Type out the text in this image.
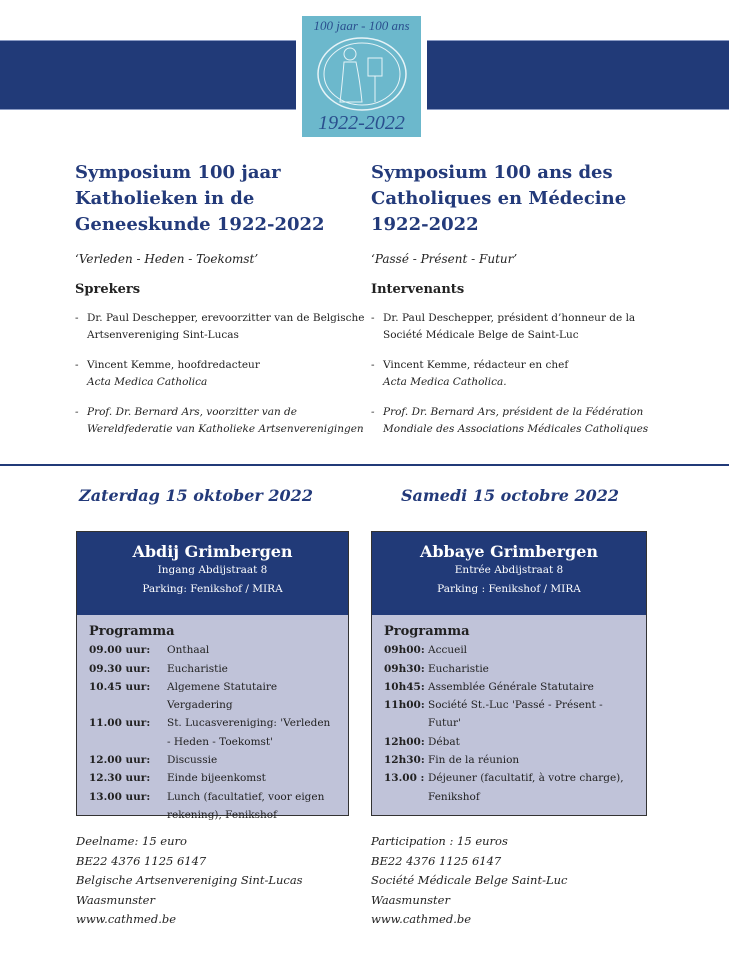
100 jaar - 100 ans
1922-2022
Symposium 100 jaar Katholieken in de Geneeskunde 1922-2022
‘Verleden - Heden - Toekomst’
Sprekers
- Dr. Paul Deschepper, erevoorzitter van de Belgische Artsenvereniging Sint-Lucas
- Vincent Kemme, hoofdredacteur
Acta Medica Catholica
- Prof. Dr. Bernard Ars, voorzitter van de Wereldfederatie van Katholieke Artsenverenigingen
Symposium 100 ans des Catholiques en Médecine 1922-2022
‘Passé - Présent - Futur’
Intervenants
- Dr. Paul Deschepper, président d’honneur de la Société Médicale Belge de Saint-Luc
- Vincent Kemme, rédacteur en chef
Acta Medica Catholica.
- Prof. Dr. Bernard Ars, président de la Fédération Mondiale des Associations Médicales Catholiques
Zaterdag 15 oktober 2022	Samedi 15 octobre 2022
Abdij Grimbergen
Ingang Abdijstraat 8
Parking: Fenikshof / MIRA
Programma
09.00 uur:	Onthaal
09.30 uur:	Eucharistie
10.45 uur:	Algemene Statutaire Vergadering
11.00 uur:	St. Lucasvereniging: 'Verleden - Heden - Toekomst'
12.00 uur:	Discussie
12.30 uur:	Einde bijeenkomst
13.00 uur:	Lunch (facultatief, voor eigen rekening), Fenikshof
Abbaye Grimbergen
Entrée Abdijstraat 8
Parking : Fenikshof / MIRA
Programma
09h00: Accueil
09h30: Eucharistie
10h45: Assemblée Générale Statutaire
11h00: Société St.-Luc 'Passé - Présent - Futur'
12h00: Débat
12h30: Fin de la réunion
13.00 : Déjeuner (facultatif, à votre charge), Fenikshof
Deelname: 15 euro
BE22 4376 1125 6147
Belgische Artsenvereniging Sint-Lucas
Waasmunster
www.cathmed.be
Participation : 15 euros
BE22 4376 1125 6147
Société Médicale Belge Saint-Luc
Waasmunster
www.cathmed.be
